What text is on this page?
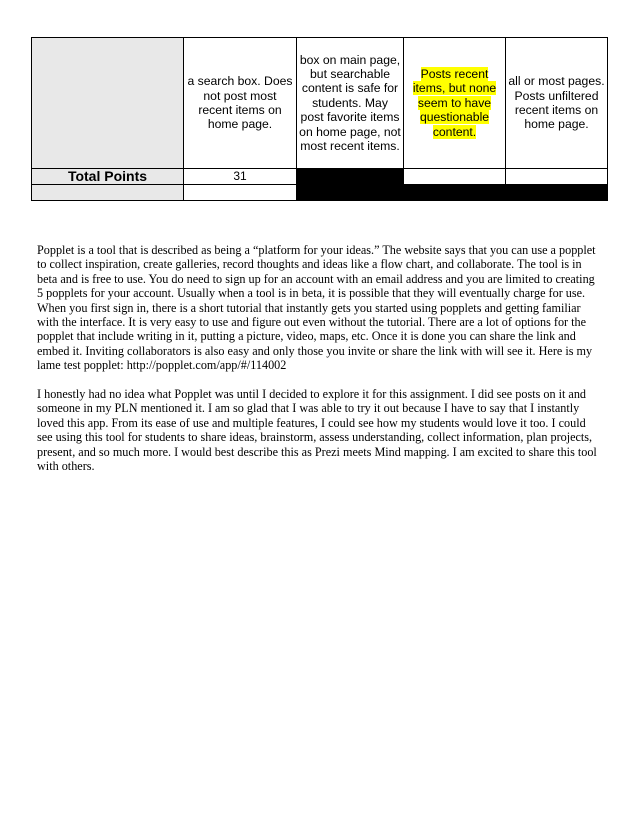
	a search box. Does not post most recent items on home page.	box on main page, but searchable content is safe for students. May post favorite items on home page, not most recent items.	Posts recent items, but none seem to have questionable content.	all or most pages. Posts unfiltered recent items on home page.
Total Points	31			

Popplet is a tool that is described as being a “platform for your ideas.” The website says that you can use a popplet to collect inspiration, create galleries, record thoughts and ideas like a flow chart, and collaborate. The tool is in beta and is free to use. You do need to sign up for an account with an email address and you are limited to creating 5 popplets for your account. Usually when a tool is in beta, it is possible that they will eventually charge for use. When you first sign in, there is a short tutorial that instantly gets you started using popplets and getting familiar with the interface. It is very easy to use and figure out even without the tutorial. There are a lot of options for the popplet that include writing in it, putting a picture, video, maps, etc. Once it is done you can share the link and embed it. Inviting collaborators is also easy and only those you invite or share the link with will see it. Here is my lame test popplet: http://popplet.com/app/#/114002

I honestly had no idea what Popplet was until I decided to explore it for this assignment. I did see posts on it and someone in my PLN mentioned it. I am so glad that I was able to try it out because I have to say that I instantly loved this app. From its ease of use and multiple features, I could see how my students would love it too. I could see using this tool for students to share ideas, brainstorm, assess understanding, collect information, plan projects, present, and so much more. I would best describe this as Prezi meets Mind mapping. I am excited to share this tool with others.
